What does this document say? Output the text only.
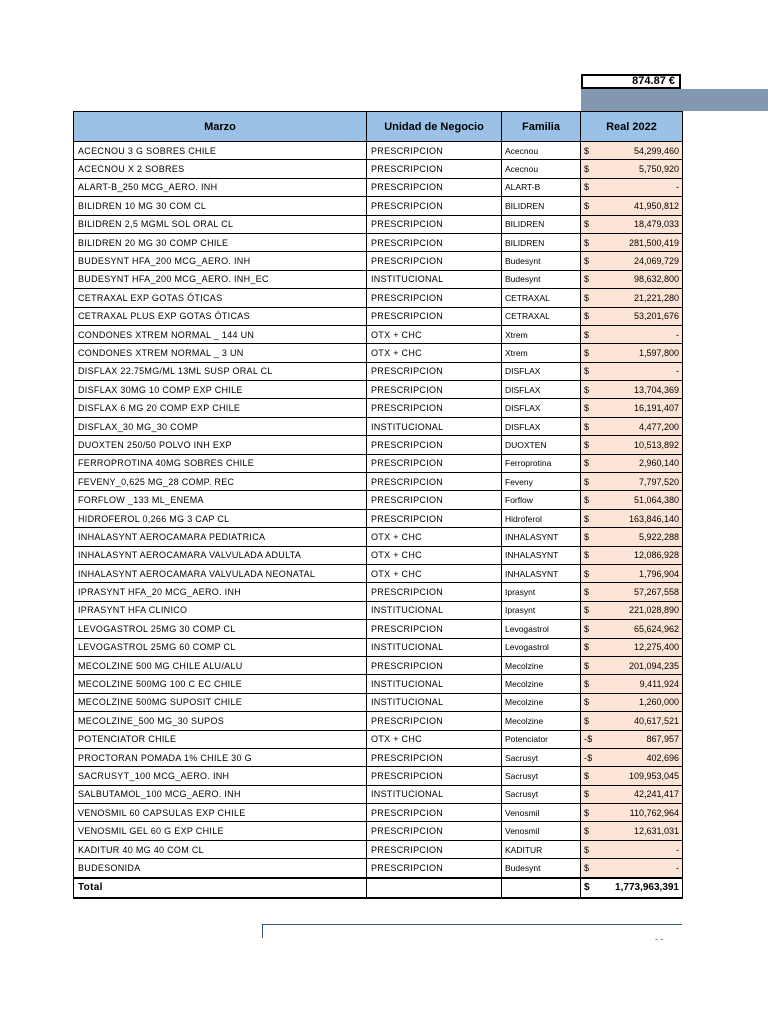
874.87 €
Marzo	Unidad de Negocio	Familia	Real 2022
ACECNOU 3 G SOBRES CHILE	PRESCRIPCION	Acecnou	$ 54,299,460

ACECNOU X 2 SOBRES	PRESCRIPCION	Acecnou	$ 5,750,920

ALART-B_250 MCG_AERO. INH	PRESCRIPCION	ALART-B	$ -

BILIDREN 10 MG 30 COM CL	PRESCRIPCION	BILIDREN	$ 41,950,812

BILIDREN 2,5 MGML SOL ORAL CL	PRESCRIPCION	BILIDREN	$ 18,479,033

BILIDREN 20 MG 30 COMP CHILE	PRESCRIPCION	BILIDREN	$ 281,500,419

BUDESYNT HFA_200 MCG_AERO. INH	PRESCRIPCION	Budesynt	$ 24,069,729

BUDESYNT HFA_200 MCG_AERO. INH_EC	INSTITUCIONAL	Budesynt	$ 98,632,800

CETRAXAL EXP GOTAS ÓTICAS	PRESCRIPCION	CETRAXAL	$ 21,221,280

CETRAXAL PLUS EXP GOTAS ÓTICAS	PRESCRIPCION	CETRAXAL	$ 53,201,676

CONDONES XTREM NORMAL _ 144 UN	OTX + CHC	Xtrem	$ -

CONDONES XTREM NORMAL _ 3 UN	OTX + CHC	Xtrem	$ 1,597,800

DISFLAX 22.75MG/ML 13ML SUSP ORAL CL	PRESCRIPCION	DISFLAX	$ -

DISFLAX 30MG 10 COMP EXP CHILE	PRESCRIPCION	DISFLAX	$ 13,704,369

DISFLAX 6 MG 20 COMP EXP CHILE	PRESCRIPCION	DISFLAX	$ 16,191,407

DISFLAX_30 MG_30 COMP	INSTITUCIONAL	DISFLAX	$ 4,477,200

DUOXTEN 250/50 POLVO INH EXP	PRESCRIPCION	DUOXTEN	$ 10,513,892

FERROPROTINA 40MG SOBRES CHILE	PRESCRIPCION	Ferroprotina	$ 2,960,140

FEVENY_0,625 MG_28 COMP. REC	PRESCRIPCION	Feveny	$ 7,797,520

FORFLOW _133 ML_ENEMA	PRESCRIPCION	Forflow	$ 51,064,380

HIDROFEROL 0,266 MG 3 CAP CL	PRESCRIPCION	Hidroferol	$ 163,846,140

INHALASYNT AEROCAMARA PEDIATRICA	OTX + CHC	INHALASYNT	$ 5,922,288

INHALASYNT AEROCAMARA VALVULADA ADULTA	OTX + CHC	INHALASYNT	$ 12,086,928

INHALASYNT AEROCAMARA VALVULADA NEONATAL	OTX + CHC	INHALASYNT	$ 1,796,904

IPRASYNT HFA_20 MCG_AERO. INH	PRESCRIPCION	Iprasynt	$ 57,267,558

IPRASYNT HFA CLINICO	INSTITUCIONAL	Iprasynt	$ 221,028,890

LEVOGASTROL 25MG 30 COMP CL	PRESCRIPCION	Levogastrol	$ 65,624,962

LEVOGASTROL 25MG 60 COMP CL	INSTITUCIONAL	Levogastrol	$ 12,275,400

MECOLZINE 500 MG CHILE ALU/ALU	PRESCRIPCION	Mecolzine	$ 201,094,235

MECOLZINE 500MG 100 C EC CHILE	INSTITUCIONAL	Mecolzine	$ 9,411,924

MECOLZINE 500MG SUPOSIT CHILE	INSTITUCIONAL	Mecolzine	$ 1,260,000

MECOLZINE_500 MG_30 SUPOS	PRESCRIPCION	Mecolzine	$ 40,617,521

POTENCIATOR CHILE	OTX + CHC	Potenciator	-$ 867,957

PROCTORAN POMADA 1% CHILE 30 G	PRESCRIPCION	Sacrusyt	-$ 402,696

SACRUSYT_100 MCG_AERO. INH	PRESCRIPCION	Sacrusyt	$ 109,953,045

SALBUTAMOL_100 MCG_AERO. INH	INSTITUCIONAL	Sacrusyt	$ 42,241,417

VENOSMIL 60 CAPSULAS EXP CHILE	PRESCRIPCION	Venosmil	$ 110,762,964

VENOSMIL GEL 60 G EXP CHILE	PRESCRIPCION	Venosmil	$ 12,631,031

KADITUR 40 MG 40 COM CL	PRESCRIPCION	KADITUR	$ -

BUDESONIDA	PRESCRIPCION	Budesynt	$ -

Total			$ 1,773,963,391
- -
